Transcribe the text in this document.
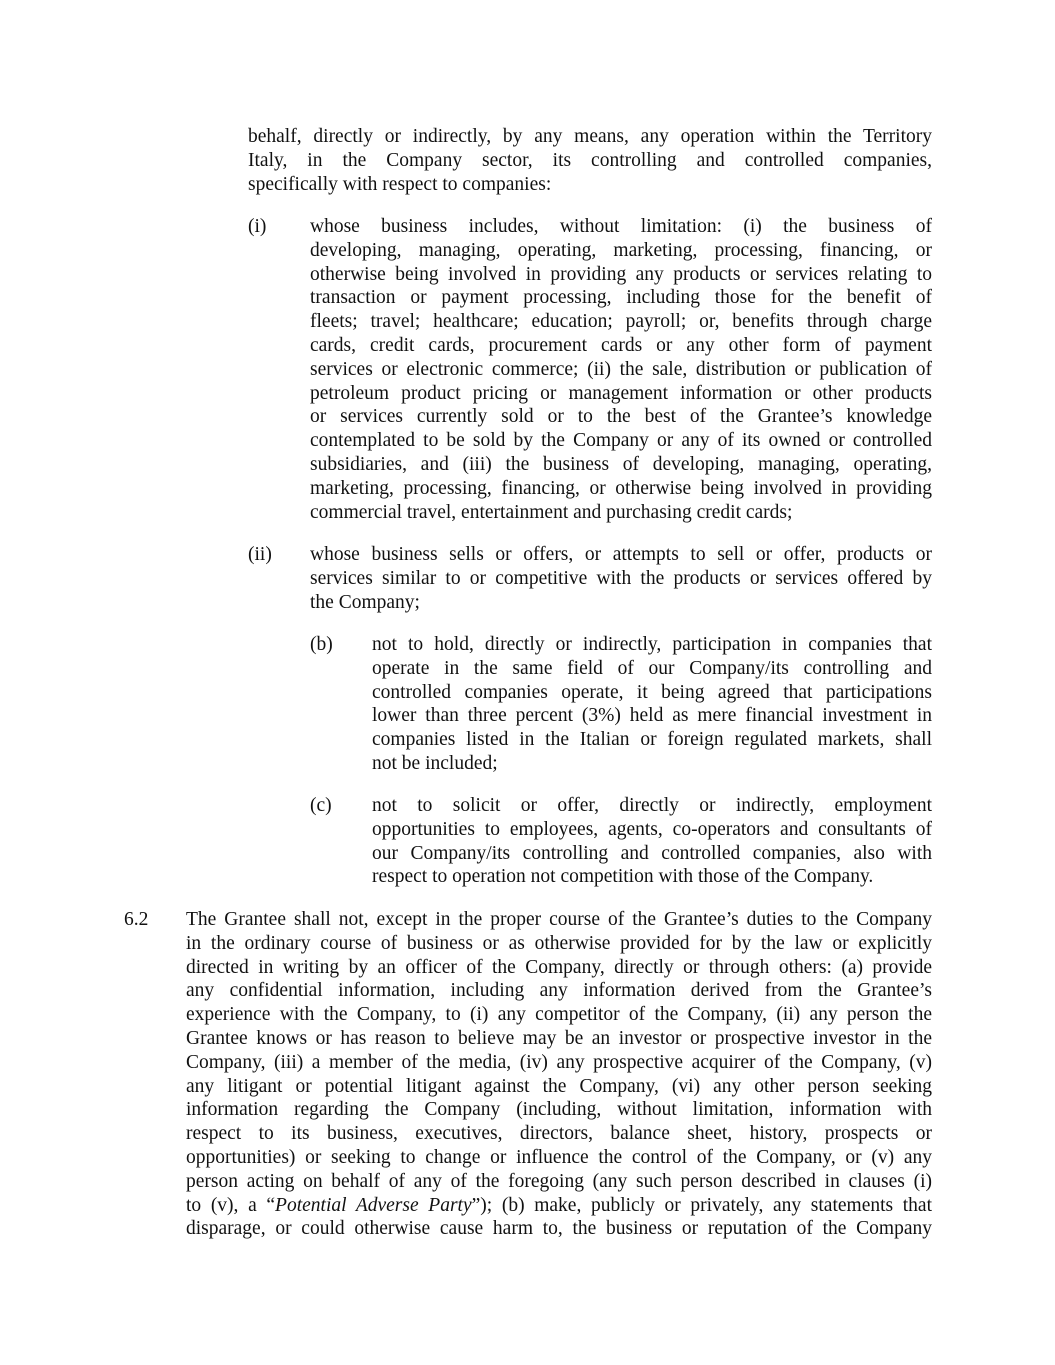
behalf, directly or indirectly, by any means, any operation within the Territory
Italy, in the Company sector, its controlling and controlled companies,
specifically with respect to companies:
(i) whose business includes, without limitation: (i) the business of
developing, managing, operating, marketing, processing, financing, or
otherwise being involved in providing any products or services relating to
transaction or payment processing, including those for the benefit of
fleets; travel; healthcare; education; payroll; or, benefits through charge
cards, credit cards, procurement cards or any other form of payment
services or electronic commerce; (ii) the sale, distribution or publication of
petroleum product pricing or management information or other products
or services currently sold or to the best of the Grantee’s knowledge
contemplated to be sold by the Company or any of its owned or controlled
subsidiaries, and (iii) the business of developing, managing, operating,
marketing, processing, financing, or otherwise being involved in providing
commercial travel, entertainment and purchasing credit cards;
(ii) whose business sells or offers, or attempts to sell or offer, products or
services similar to or competitive with the products or services offered by
the Company;
(b) not to hold, directly or indirectly, participation in companies that
operate in the same field of our Company/its controlling and
controlled companies operate, it being agreed that participations
lower than three percent (3%) held as mere financial investment in
companies listed in the Italian or foreign regulated markets, shall
not be included;
(c) not to solicit or offer, directly or indirectly, employment
opportunities to employees, agents, co-operators and consultants of
our Company/its controlling and controlled companies, also with
respect to operation not competition with those of the Company.
6.2 The Grantee shall not, except in the proper course of the Grantee’s duties to the Company
in the ordinary course of business or as otherwise provided for by the law or explicitly
directed in writing by an officer of the Company, directly or through others: (a) provide
any confidential information, including any information derived from the Grantee’s
experience with the Company, to (i) any competitor of the Company, (ii) any person the
Grantee knows or has reason to believe may be an investor or prospective investor in the
Company, (iii) a member of the media, (iv) any prospective acquirer of the Company, (v)
any litigant or potential litigant against the Company, (vi) any other person seeking
information regarding the Company (including, without limitation, information with
respect to its business, executives, directors, balance sheet, history, prospects or
opportunities) or seeking to change or influence the control of the Company, or (v) any
person acting on behalf of any of the foregoing (any such person described in clauses (i)
to (v), a “Potential Adverse Party”); (b) make, publicly or privately, any statements that
disparage, or could otherwise cause harm to, the business or reputation of the Company
